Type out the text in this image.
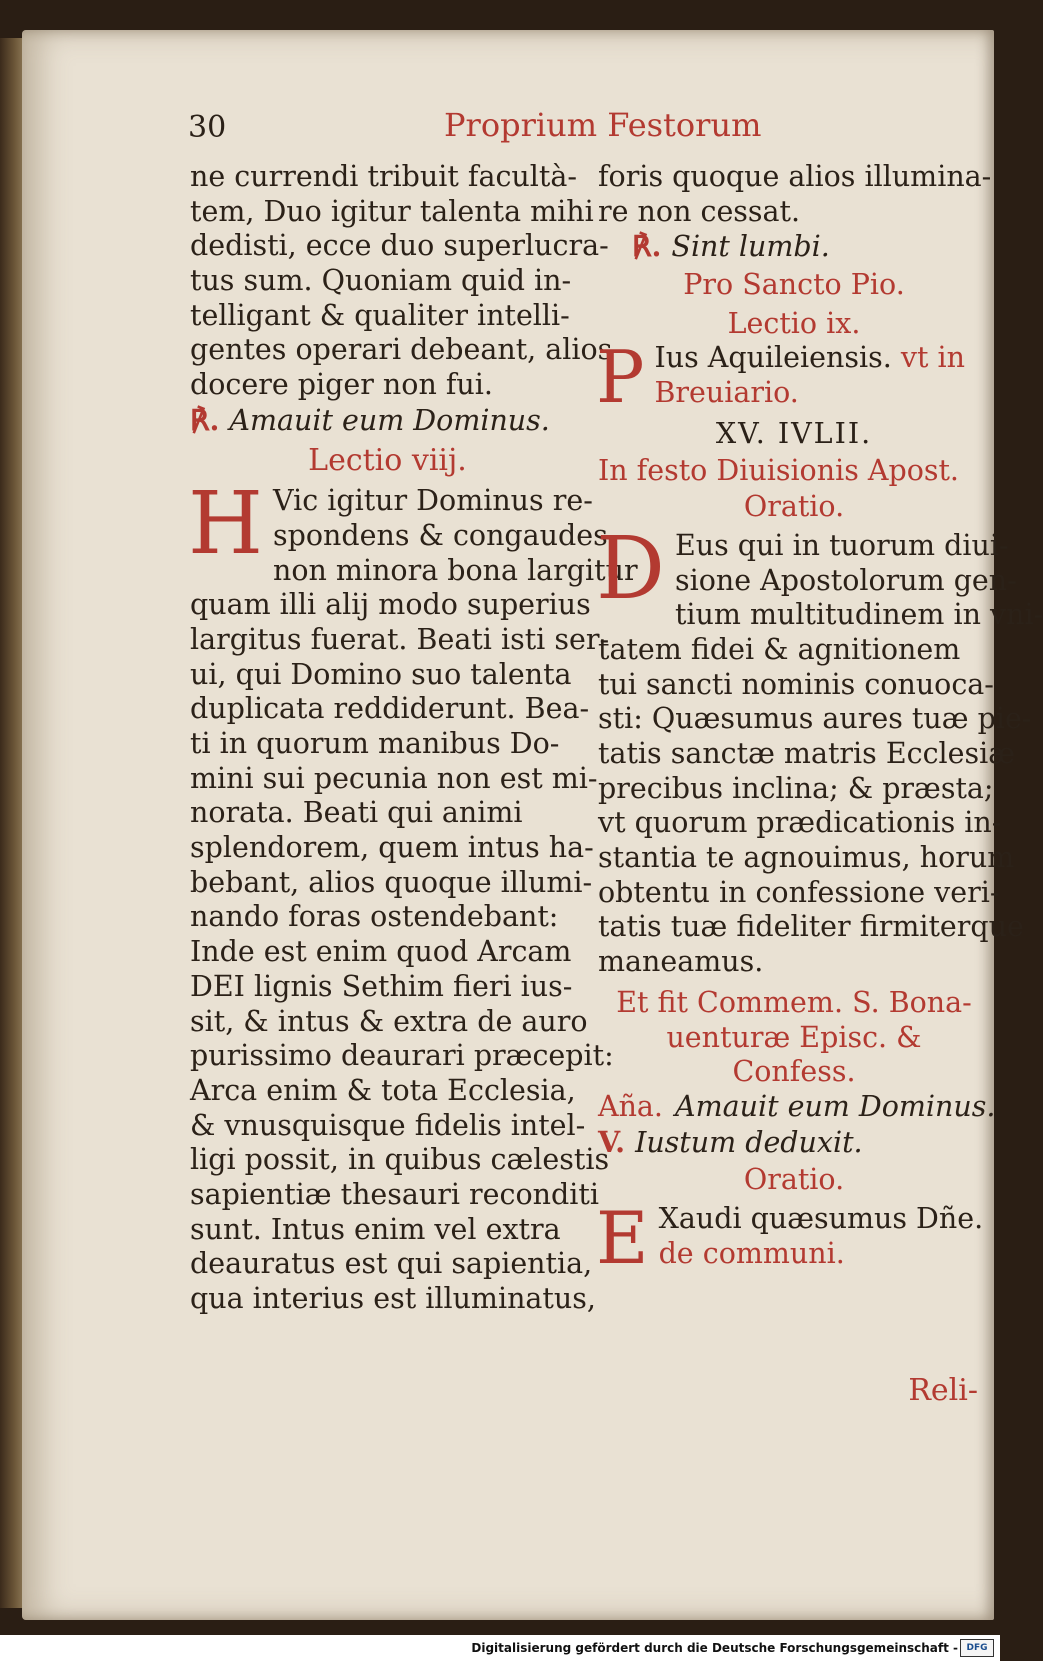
30	Proprium Festorum
ne currendi tribuit facultà-
tem, Duo igitur talenta mihi
dedisti, ecce duo superlucra-
tus sum. Quoniam quid in-
telligant & qualiter intelli-
gentes operari debeant, alios
docere piger non fui.
℟. Amauit eum Dominus.
Lectio viij.
H Vic igitur Dominus re-
spondens & congaudes
non minora bona largitur
quam illi alij modo superius
largitus fuerat. Beati isti ser-
ui, qui Domino suo talenta
duplicata reddiderunt. Bea-
ti in quorum manibus Do-
mini sui pecunia non est mi-
norata. Beati qui animi
splendorem, quem intus ha-
bebant, alios quoque illumi-
nando foras ostendebant:
Inde est enim quod Arcam
DEI lignis Sethim fieri ius-
sit, & intus & extra de auro
purissimo deaurari præcepit:
Arca enim & tota Ecclesia,
& vnusquisque fidelis intel-
ligi possit, in quibus cælestis
sapientiæ thesauri reconditi
sunt. Intus enim vel extra
deauratus est qui sapientia,
qua interius est illuminatus,
foris quoque alios illumina-
re non cessat.
℟. Sint lumbi.
Pro Sancto Pio.
Lectio ix.
P Ius Aquileiensis. vt in
Breuiario.
XV. IVLII.
In festo Diuisionis Apost.
Oratio.
D Eus qui in tuorum diui-
sione Apostolorum gen-
tium multitudinem in vni-
tatem fidei & agnitionem
tui sancti nominis conuoca-
sti: Quæsumus aures tuæ pie-
tatis sanctæ matris Ecclesiæ
precibus inclina; & præsta;
vt quorum prædicationis in-
stantia te agnouimus, horum
obtentu in confessione veri-
tatis tuæ fideliter firmiterque
maneamus.
Et fit Commem. S. Bona-
uenturæ Episc. &
Confess.
Aña. Amauit eum Dominus.
V. Iustum deduxit.
Oratio.
E Xaudi quæsumus Dñe.
de communi.
Reli-
Digitalisierung gefördert durch die Deutsche Forschungsgemeinschaft - DFG
